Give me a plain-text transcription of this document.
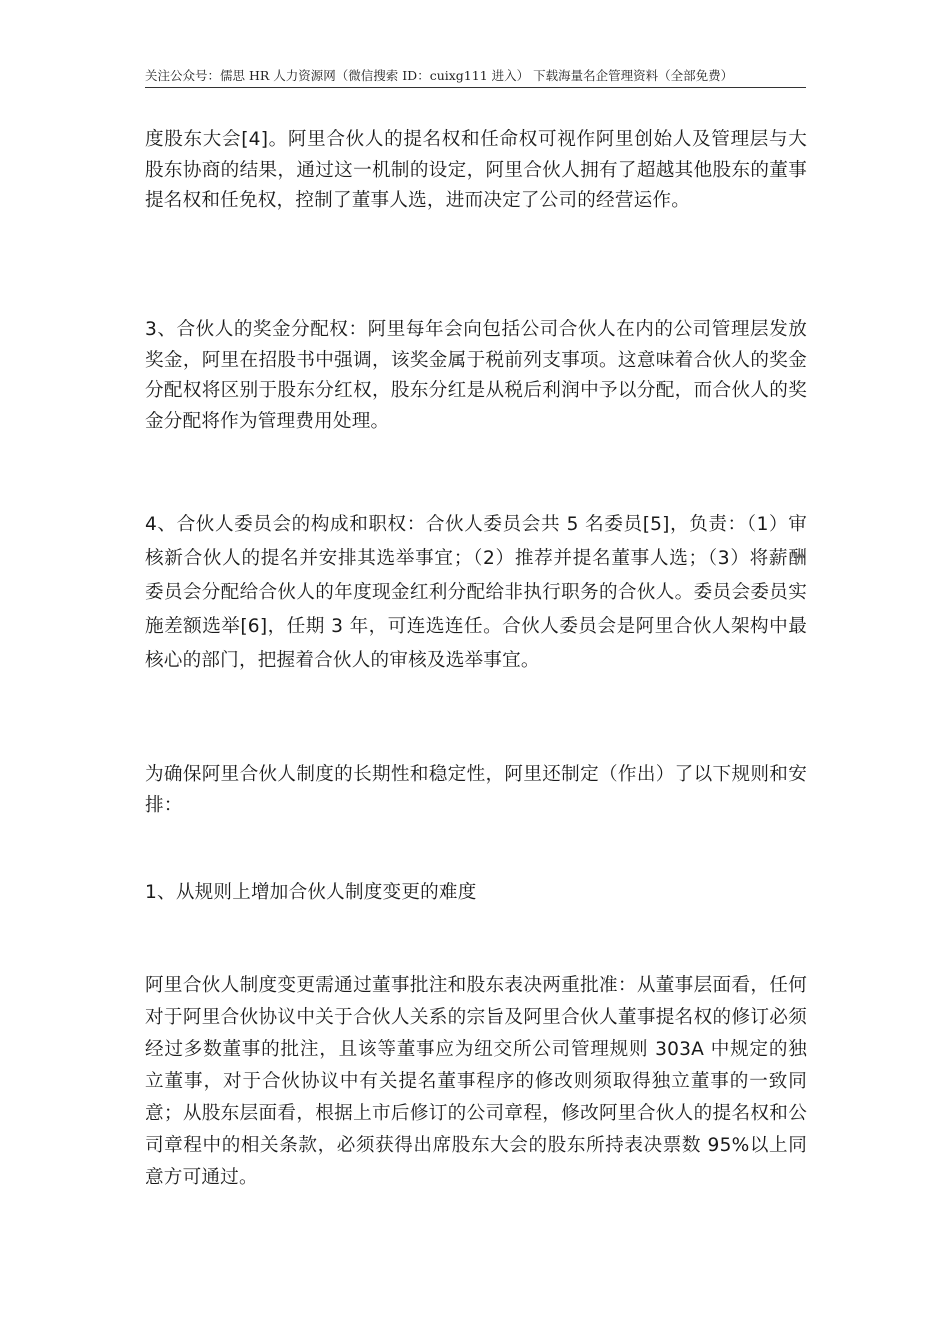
关注公众号：儒思 HR 人力资源网（微信搜索 ID：cuixg111 进入） 下载海量名企管理资料（全部免费）

度股东大会[4]。阿里合伙人的提名权和任命权可视作阿里创始人及管理层与大股东协商的结果，通过这一机制的设定，阿里合伙人拥有了超越其他股东的董事提名权和任免权，控制了董事人选，进而决定了公司的经营运作。

3、合伙人的奖金分配权：阿里每年会向包括公司合伙人在内的公司管理层发放奖金，阿里在招股书中强调，该奖金属于税前列支事项。这意味着合伙人的奖金分配权将区别于股东分红权，股东分红是从税后利润中予以分配，而合伙人的奖金分配将作为管理费用处理。

4、合伙人委员会的构成和职权：合伙人委员会共 5 名委员[5]，负责：（1）审核新合伙人的提名并安排其选举事宜；（2）推荐并提名董事人选；（3）将薪酬委员会分配给合伙人的年度现金红利分配给非执行职务的合伙人。委员会委员实施差额选举[6]，任期 3 年，可连选连任。合伙人委员会是阿里合伙人架构中最核心的部门，把握着合伙人的审核及选举事宜。

为确保阿里合伙人制度的长期性和稳定性，阿里还制定（作出）了以下规则和安排：

1、从规则上增加合伙人制度变更的难度

阿里合伙人制度变更需通过董事批注和股东表决两重批准：从董事层面看，任何对于阿里合伙协议中关于合伙人关系的宗旨及阿里合伙人董事提名权的修订必须经过多数董事的批注，且该等董事应为纽交所公司管理规则 303A 中规定的独立董事，对于合伙协议中有关提名董事程序的修改则须取得独立董事的一致同意；从股东层面看，根据上市后修订的公司章程，修改阿里合伙人的提名权和公司章程中的相关条款，必须获得出席股东大会的股东所持表决票数 95%以上同意方可通过。
